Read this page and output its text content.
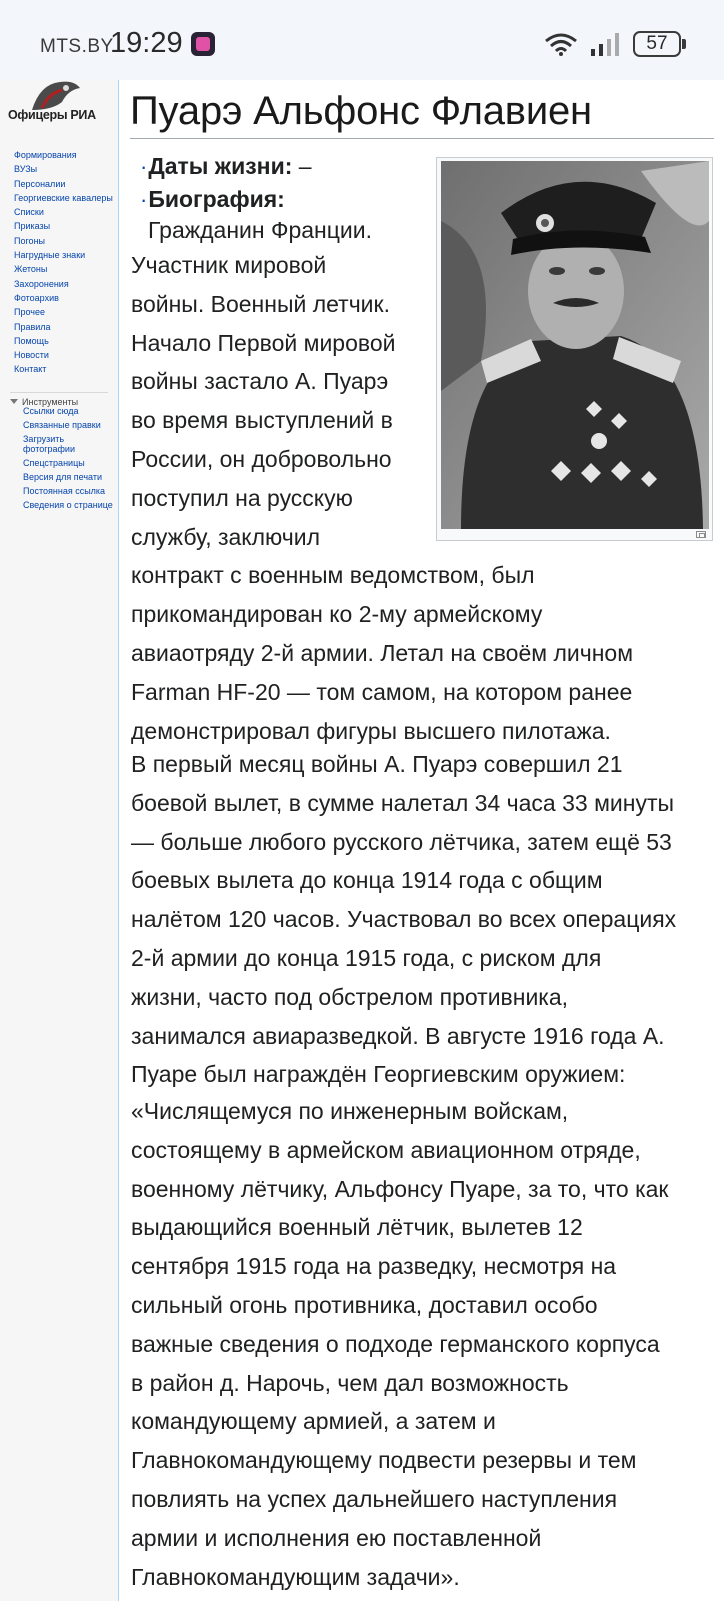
MTS.BY
19:29	57
Офицеры РИА
Формирования
ВУЗы
Персоналии
Георгиевские кавалеры
Списки
Приказы
Погоны
Нагрудные знаки
Жетоны
Захоронения
Фотоархив
Прочее
Правила
Помощь
Новости
Контакт
Инструменты
Ссылки сюда
Связанные правки
Загрузить фотографии
Спецстраницы
Версия для печати
Постоянная ссылка
Сведения о странице
Пуарэ Альфонс Флавиен
·Даты жизни: –
·Биография:
Гражданин Франции.
Участник мировой
войны. Военный летчик.
Начало Первой мировой
войны застало А. Пуарэ
во время выступлений в
России, он добровольно
поступил на русскую
службу, заключил
контракт с военным ведомством, был
прикомандирован ко 2-му армейскому
авиаотряду 2-й армии. Летал на своём личном
Farman HF-20 — том самом, на котором ранее
демонстрировал фигуры высшего пилотажа.
В первый месяц войны А. Пуарэ совершил 21
боевой вылет, в сумме налетал 34 часа 33 минуты
— больше любого русского лётчика, затем ещё 53
боевых вылета до конца 1914 года с общим
налётом 120 часов. Участвовал во всех операциях
2-й армии до конца 1915 года, с риском для
жизни, часто под обстрелом противника,
занимался авиаразведкой. В августе 1916 года А.
Пуаре был награждён Георгиевским оружием:
«Числящемуся по инженерным войскам,
состоящему в армейском авиационном отряде,
военному лётчику, Альфонсу Пуаре, за то, что как
выдающийся военный лётчик, вылетев 12
сентября 1915 года на разведку, несмотря на
сильный огонь противника, доставил особо
важные сведения о подходе германского корпуса
в район д. Нарочь, чем дал возможность
командующему армией, а затем и
Главнокомандующему подвести резервы и тем
повлиять на успех дальнейшего наступления
армии и исполнения ею поставленной
Главнокомандующим задачи».
